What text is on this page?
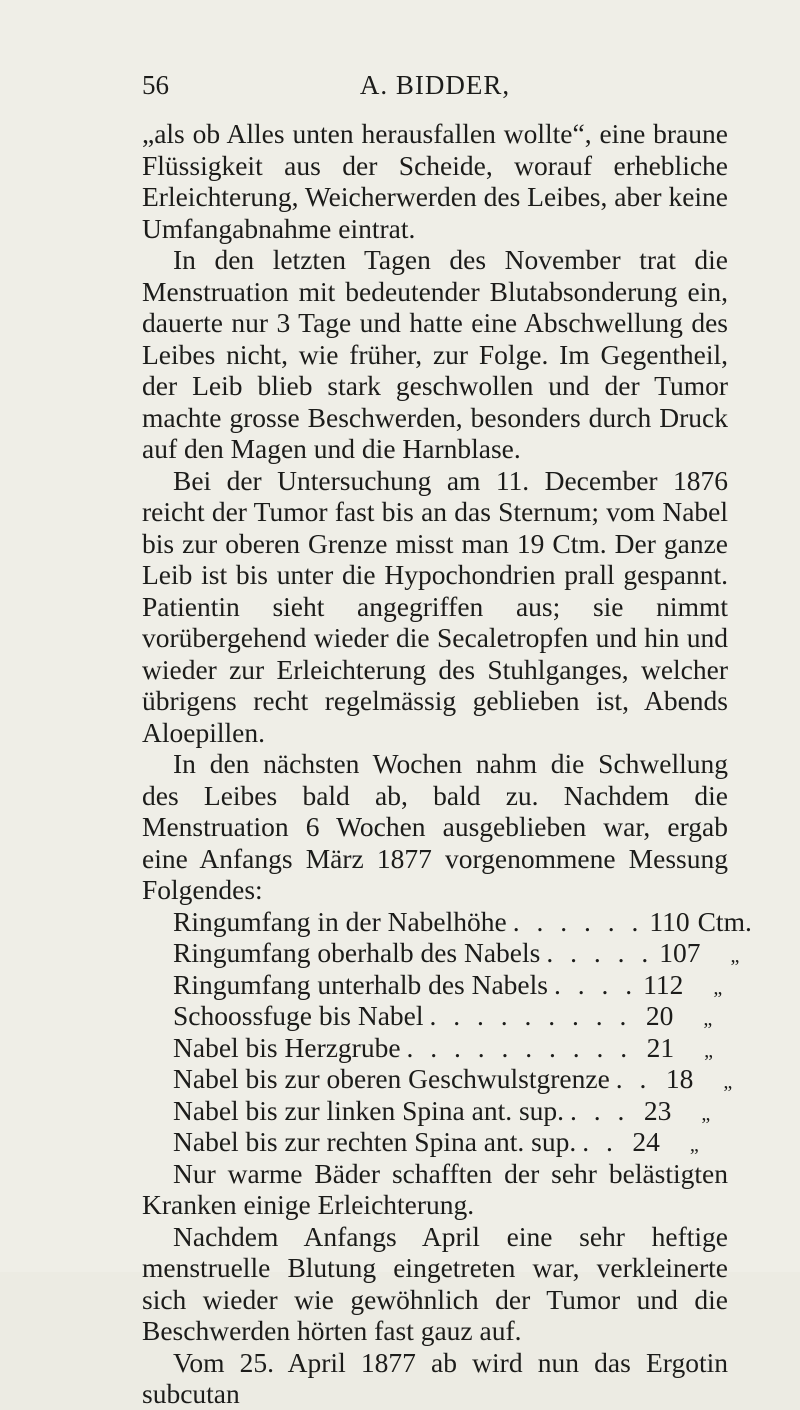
56	A. BIDDER,

„als ob Alles unten herausfallen wollte“, eine braune Flüssigkeit aus der Scheide, worauf erhebliche Erleichterung, Weicherwerden des Leibes, aber keine Umfangabnahme eintrat.

In den letzten Tagen des November trat die Menstruation mit bedeutender Blutabsonderung ein, dauerte nur 3 Tage und hatte eine Abschwellung des Leibes nicht, wie früher, zur Folge. Im Gegentheil, der Leib blieb stark geschwollen und der Tumor machte grosse Beschwerden, besonders durch Druck auf den Magen und die Harnblase.

Bei der Untersuchung am 11. December 1876 reicht der Tumor fast bis an das Sternum; vom Nabel bis zur oberen Grenze misst man 19 Ctm. Der ganze Leib ist bis unter die Hypochondrien prall gespannt. Patientin sieht angegriffen aus; sie nimmt vorübergehend wieder die Secaletropfen und hin und wieder zur Erleichterung des Stuhlganges, welcher übrigens recht regelmässig geblieben ist, Abends Aloepillen.

In den nächsten Wochen nahm die Schwellung des Leibes bald ab, bald zu. Nachdem die Menstruation 6 Wochen ausgeblieben war, ergab eine Anfangs März 1877 vorgenommene Messung Folgendes:

Ringumfang in der Nabelhöhe . . . . . . 110 Ctm.
Ringumfang oberhalb des Nabels . . . . . 107	„
Ringumfang unterhalb des Nabels . . . . 112	„
Schoossfuge bis Nabel . . . . . . . . . 20	„
Nabel bis Herzgrube . . . . . . . . . . 21	„
Nabel bis zur oberen Geschwulstgrenze . . 18	„
Nabel bis zur linken Spina ant. sup. . . . 23	„
Nabel bis zur rechten Spina ant. sup. . . 24	„

Nur warme Bäder schafften der sehr belästigten Kranken einige Erleichterung.

Nachdem Anfangs April eine sehr heftige menstruelle Blutung eingetreten war, verkleinerte sich wieder wie gewöhnlich der Tumor und die Beschwerden hörten fast gauz auf.

Vom 25. April 1877 ab wird nun das Ergotin subcutan
